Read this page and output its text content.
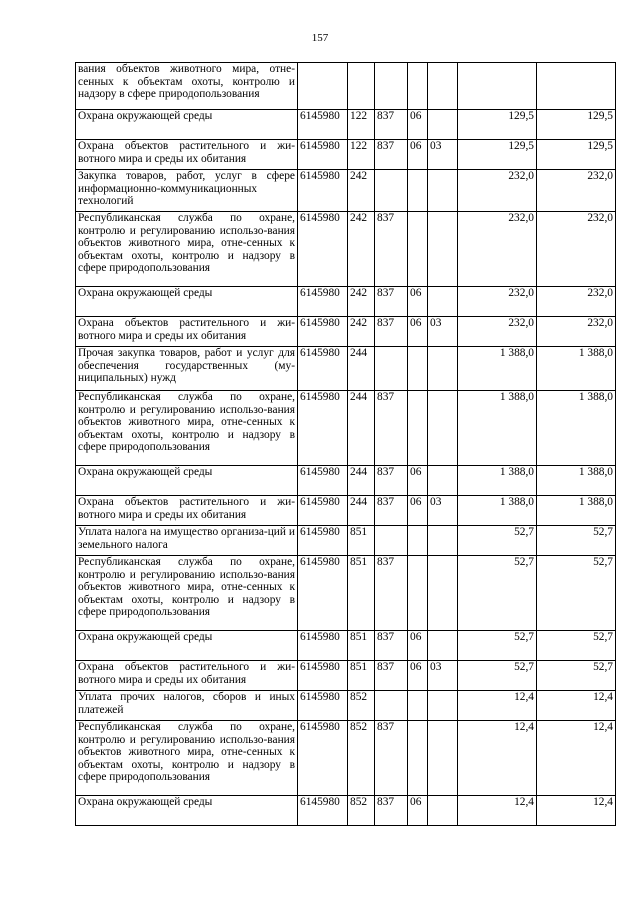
157
вания объектов животного мира, отне-сенных к объектам охоты, контролю и надзору в сфере природопользования							
Охрана окружающей среды	6145980	122	837	06		129,5	129,5
Охрана объектов растительного и жи-вотного мира и среды их обитания	6145980	122	837	06	03	129,5	129,5
Закупка товаров, работ, услуг в сфере информационно-коммуникационных технологий	6145980	242				232,0	232,0
Республиканская служба по охране, контролю и регулированию использо-вания объектов животного мира, отне-сенных к объектам охоты, контролю и надзору в сфере природопользования	6145980	242	837			232,0	232,0
Охрана окружающей среды	6145980	242	837	06		232,0	232,0
Охрана объектов растительного и жи-вотного мира и среды их обитания	6145980	242	837	06	03	232,0	232,0
Прочая закупка товаров, работ и услуг для обеспечения государственных (му-ниципальных) нужд	6145980	244				1 388,0	1 388,0
Республиканская служба по охране, контролю и регулированию использо-вания объектов животного мира, отне-сенных к объектам охоты, контролю и надзору в сфере природопользования	6145980	244	837			1 388,0	1 388,0
Охрана окружающей среды	6145980	244	837	06		1 388,0	1 388,0
Охрана объектов растительного и жи-вотного мира и среды их обитания	6145980	244	837	06	03	1 388,0	1 388,0
Уплата налога на имущество организа-ций и земельного налога	6145980	851				52,7	52,7
Республиканская служба по охране, контролю и регулированию использо-вания объектов животного мира, отне-сенных к объектам охоты, контролю и надзору в сфере природопользования	6145980	851	837			52,7	52,7
Охрана окружающей среды	6145980	851	837	06		52,7	52,7
Охрана объектов растительного и жи-вотного мира и среды их обитания	6145980	851	837	06	03	52,7	52,7
Уплата прочих налогов, сборов и иных платежей	6145980	852				12,4	12,4
Республиканская служба по охране, контролю и регулированию использо-вания объектов животного мира, отне-сенных к объектам охоты, контролю и надзору в сфере природопользования	6145980	852	837			12,4	12,4
Охрана окружающей среды	6145980	852	837	06		12,4	12,4
